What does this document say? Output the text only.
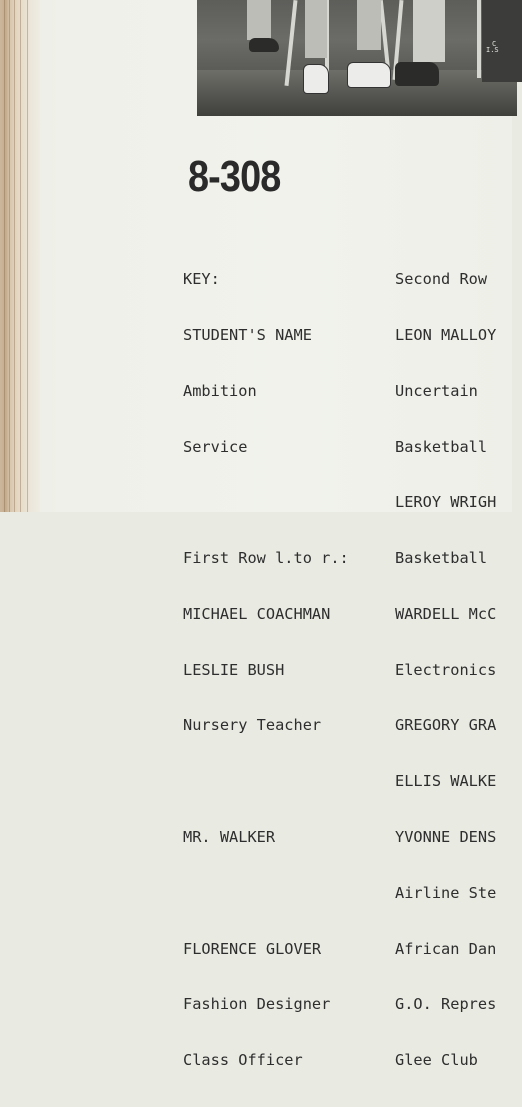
I.S
C
8-308

KEY:

STUDENT'S NAME

Ambition

Service

First Row l.to r.:

MICHAEL COACHMAN

LESLIE BUSH

Nursery Teacher

MR. WALKER

FLORENCE GLOVER

Fashion Designer

Class Officer

Second Row

LEON MALLOY

Uncertain

Basketball

LEROY WRIGH

Basketball

WARDELL McC

Electronics

GREGORY GRA

ELLIS WALKE

YVONNE DENS

Airline Ste

African Dan

G.O. Repres

Glee Club
